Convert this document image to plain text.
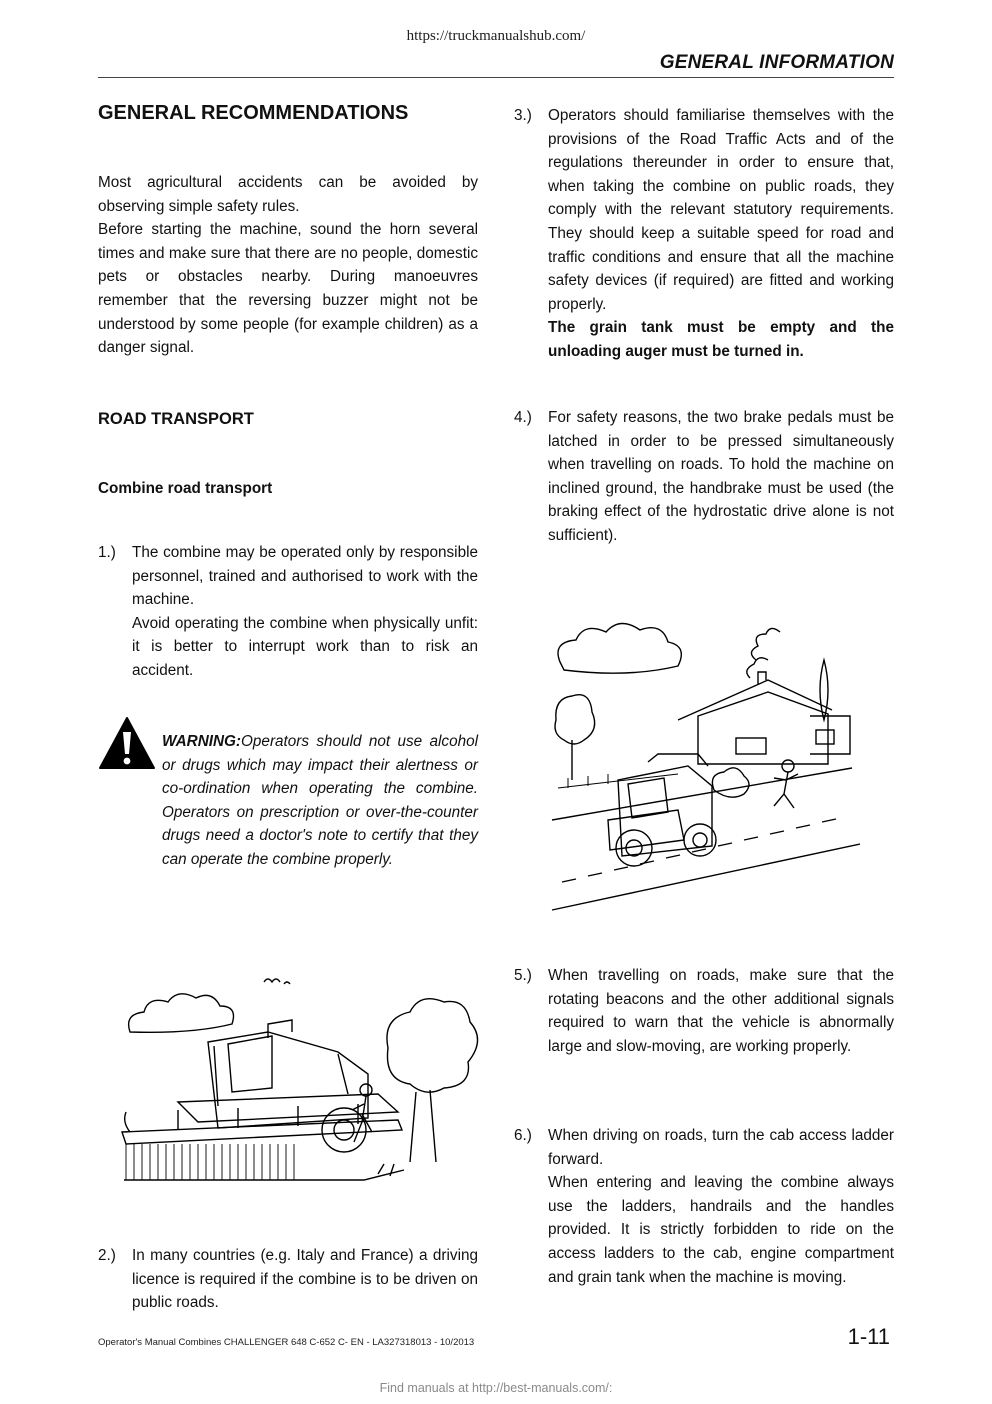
https://truckmanualshub.com/
GENERAL INFORMATION
GENERAL RECOMMENDATIONS
Most agricultural accidents can be avoided by observing simple safety rules.
Before starting the machine, sound the horn several times and make sure that there are no people, domestic pets or obstacles nearby. During manoeuvres remember that the reversing buzzer might not be understood by some people (for example children) as a danger signal.
ROAD TRANSPORT
Combine road transport
1.) The combine may be operated only by responsible personnel, trained and authorised to work with the machine.

Avoid operating the combine when physically unfit: it is better to interrupt work than to risk an accident.

WARNING:Operators should not use alcohol or drugs which may impact their alertness or co-ordination when operating the combine. Operators on prescription or over-the-counter drugs need a doctor's note to certify that they can operate the combine properly.
2.) In many countries (e.g. Italy and France) a driving licence is required if the combine is to be driven on public roads.

3.) Operators should familiarise themselves with the provisions of the Road Traffic Acts and of the regulations thereunder in order to ensure that, when taking the combine on public roads, they comply with the relevant statutory requirements. They should keep a suitable speed for road and traffic conditions and ensure that all the machine safety devices (if required) are fitted and working properly.

The grain tank must be empty and the unloading auger must be turned in.

4.) For safety reasons, the two brake pedals must be latched in order to be pressed simultaneously when travelling on roads. To hold the machine on inclined ground, the handbrake must be used (the braking effect of the hydrostatic drive alone is not sufficient).

5.) When travelling on roads, make sure that the rotating beacons and the other additional signals required to warn that the vehicle is abnormally large and slow-moving, are working properly.

6.) When driving on roads, turn the cab access ladder forward.

When entering and leaving the combine always use the ladders, handrails and the handles provided. It is strictly forbidden to ride on the access ladders to the cab, engine compartment and grain tank when the machine is moving.

Operator's Manual Combines CHALLENGER 648 C-652 C- EN - LA327318013 - 10/2013	1-11
Find manuals at http://best-manuals.com/:
